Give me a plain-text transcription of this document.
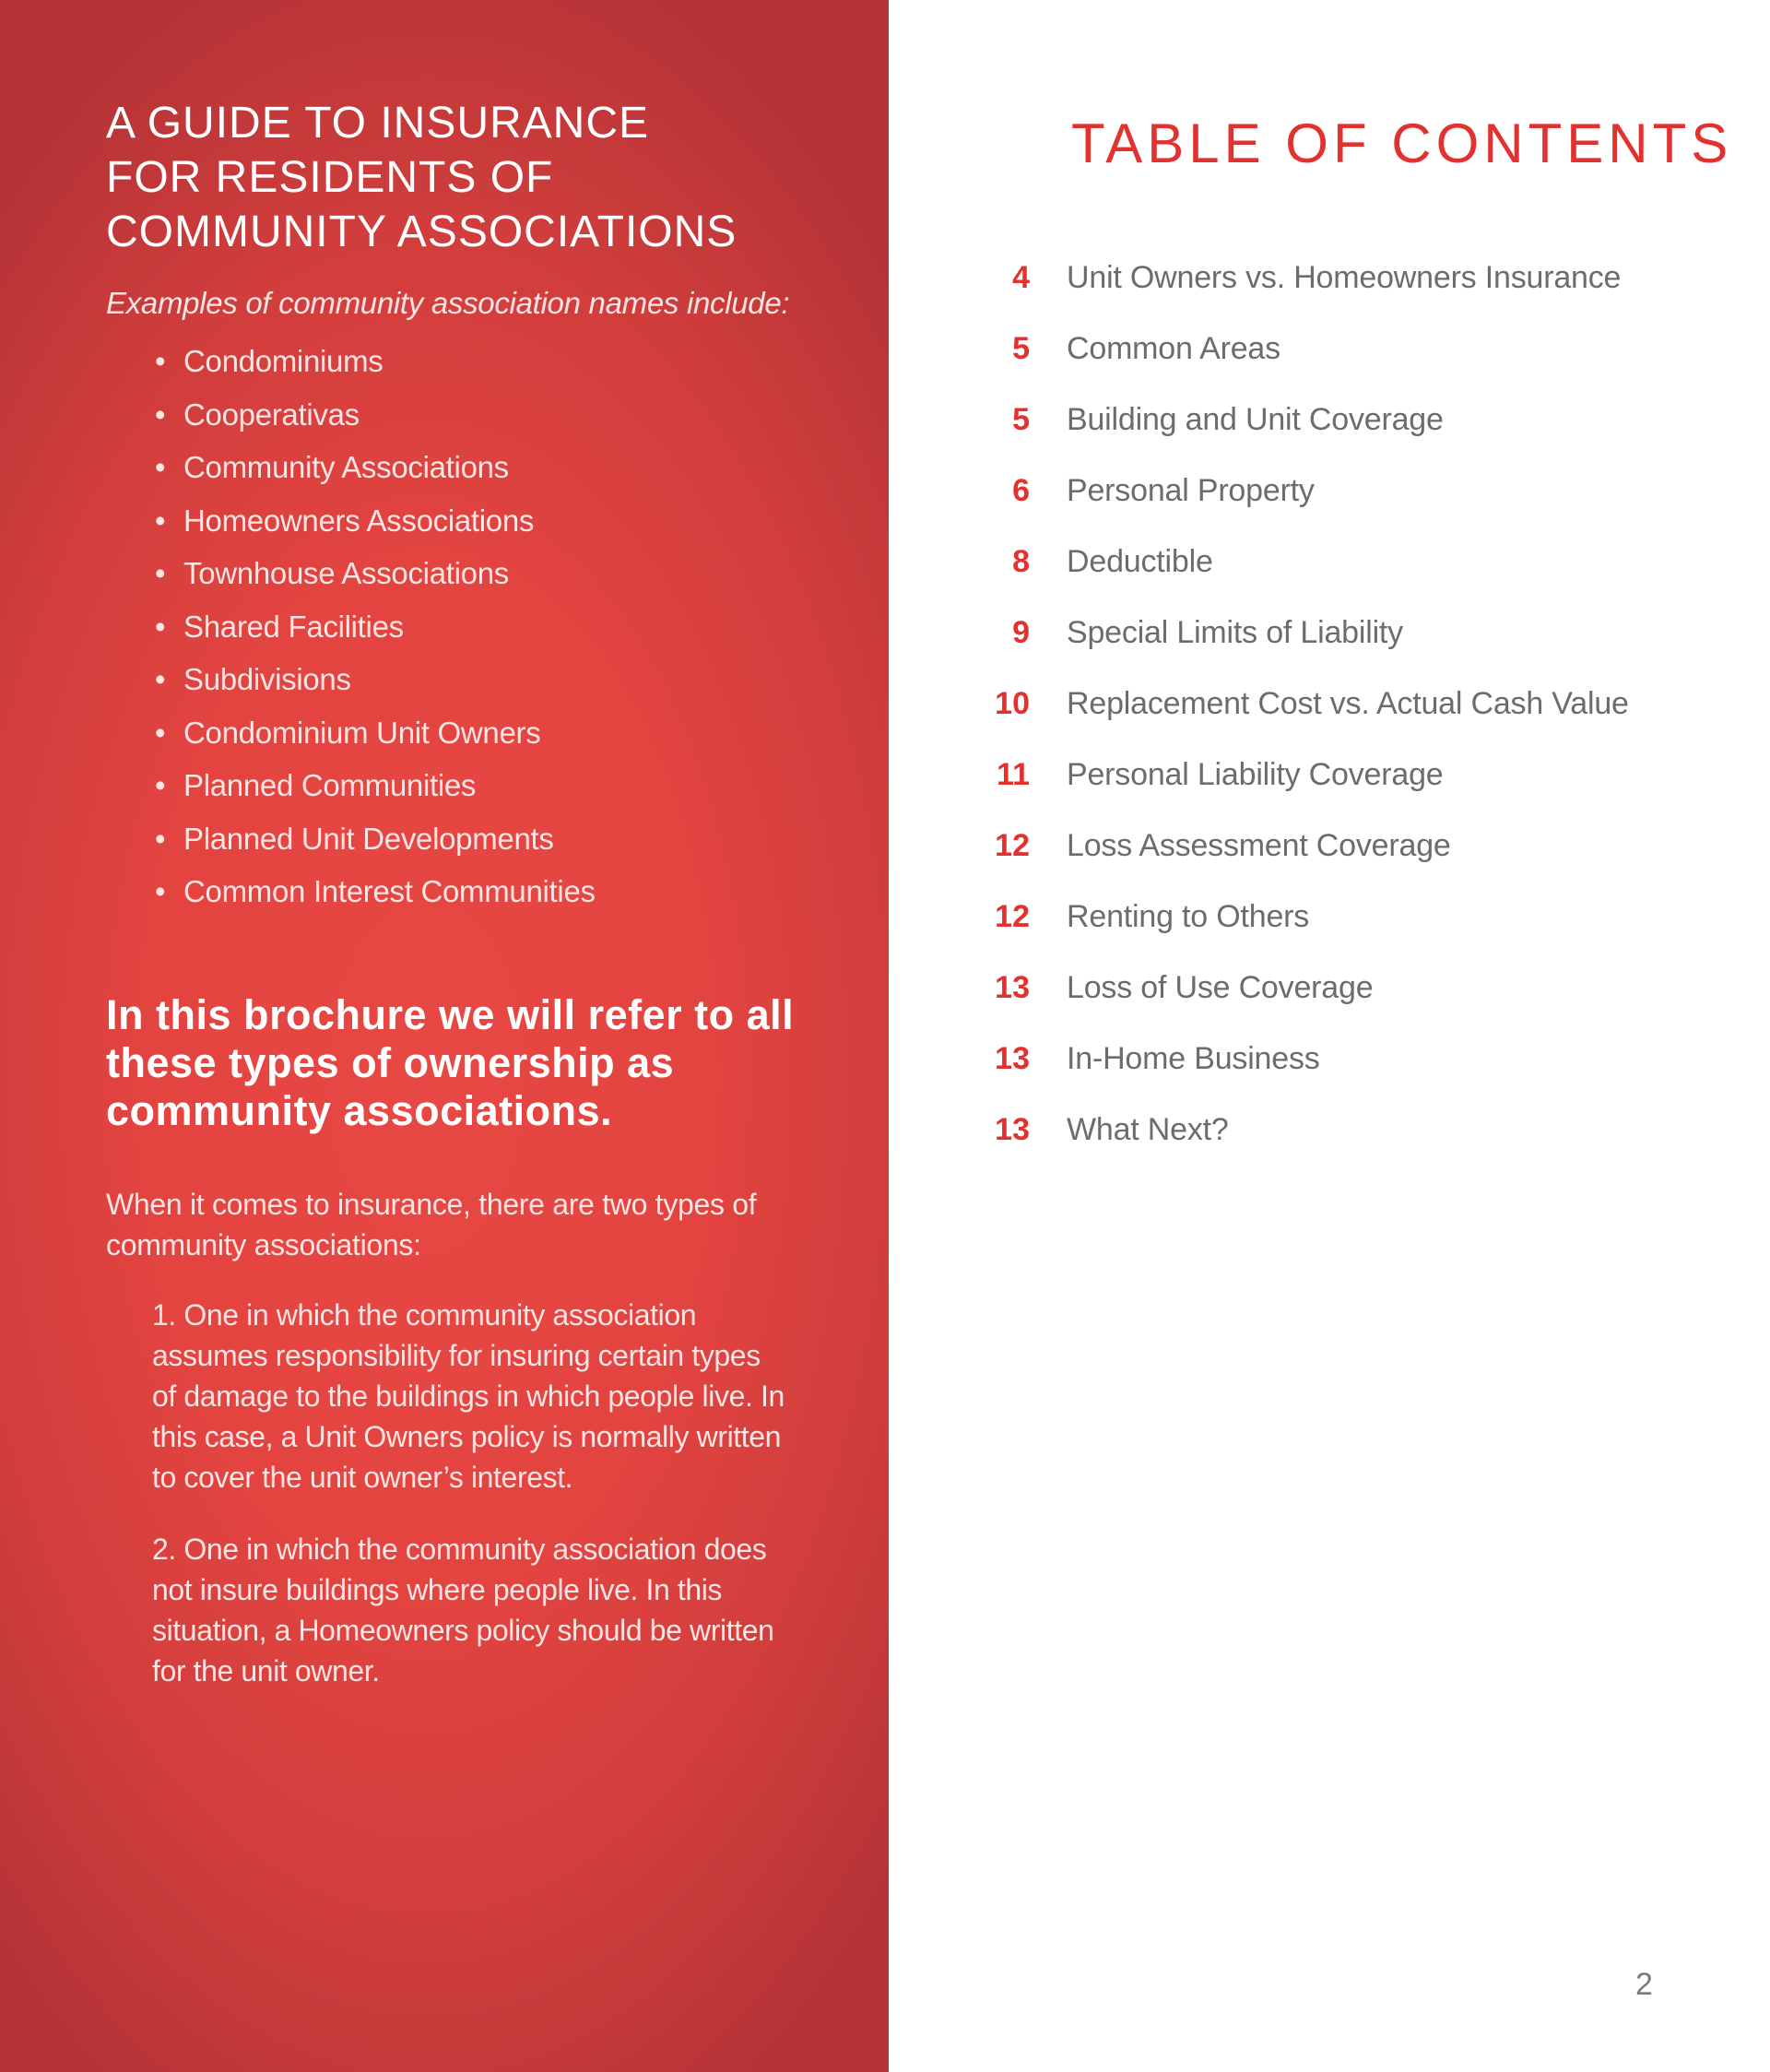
A GUIDE TO INSURANCE
FOR RESIDENTS OF
COMMUNITY ASSOCIATIONS

Examples of community association names include:

• Condominiums
• Cooperativas
• Community Associations
• Homeowners Associations
• Townhouse Associations
• Shared Facilities
• Subdivisions
• Condominium Unit Owners
• Planned Communities
• Planned Unit Developments
• Common Interest Communities

In this brochure we will refer to all these types of ownership as community associations.

When it comes to insurance, there are two types of community associations:

1. One in which the community association assumes responsibility for insuring certain types of damage to the buildings in which people live. In this case, a Unit Owners policy is normally written to cover the unit owner’s interest.

2. One in which the community association does not insure buildings where people live. In this situation, a Homeowners policy should be written for the unit owner.

TABLE OF CONTENTS
4 Unit Owners vs. Homeowners Insurance
5 Common Areas
5 Building and Unit Coverage
6 Personal Property
8 Deductible
9 Special Limits of Liability
10 Replacement Cost vs. Actual Cash Value
11 Personal Liability Coverage
12 Loss Assessment Coverage
12 Renting to Others
13 Loss of Use Coverage
13 In-Home Business
13 What Next?

2
